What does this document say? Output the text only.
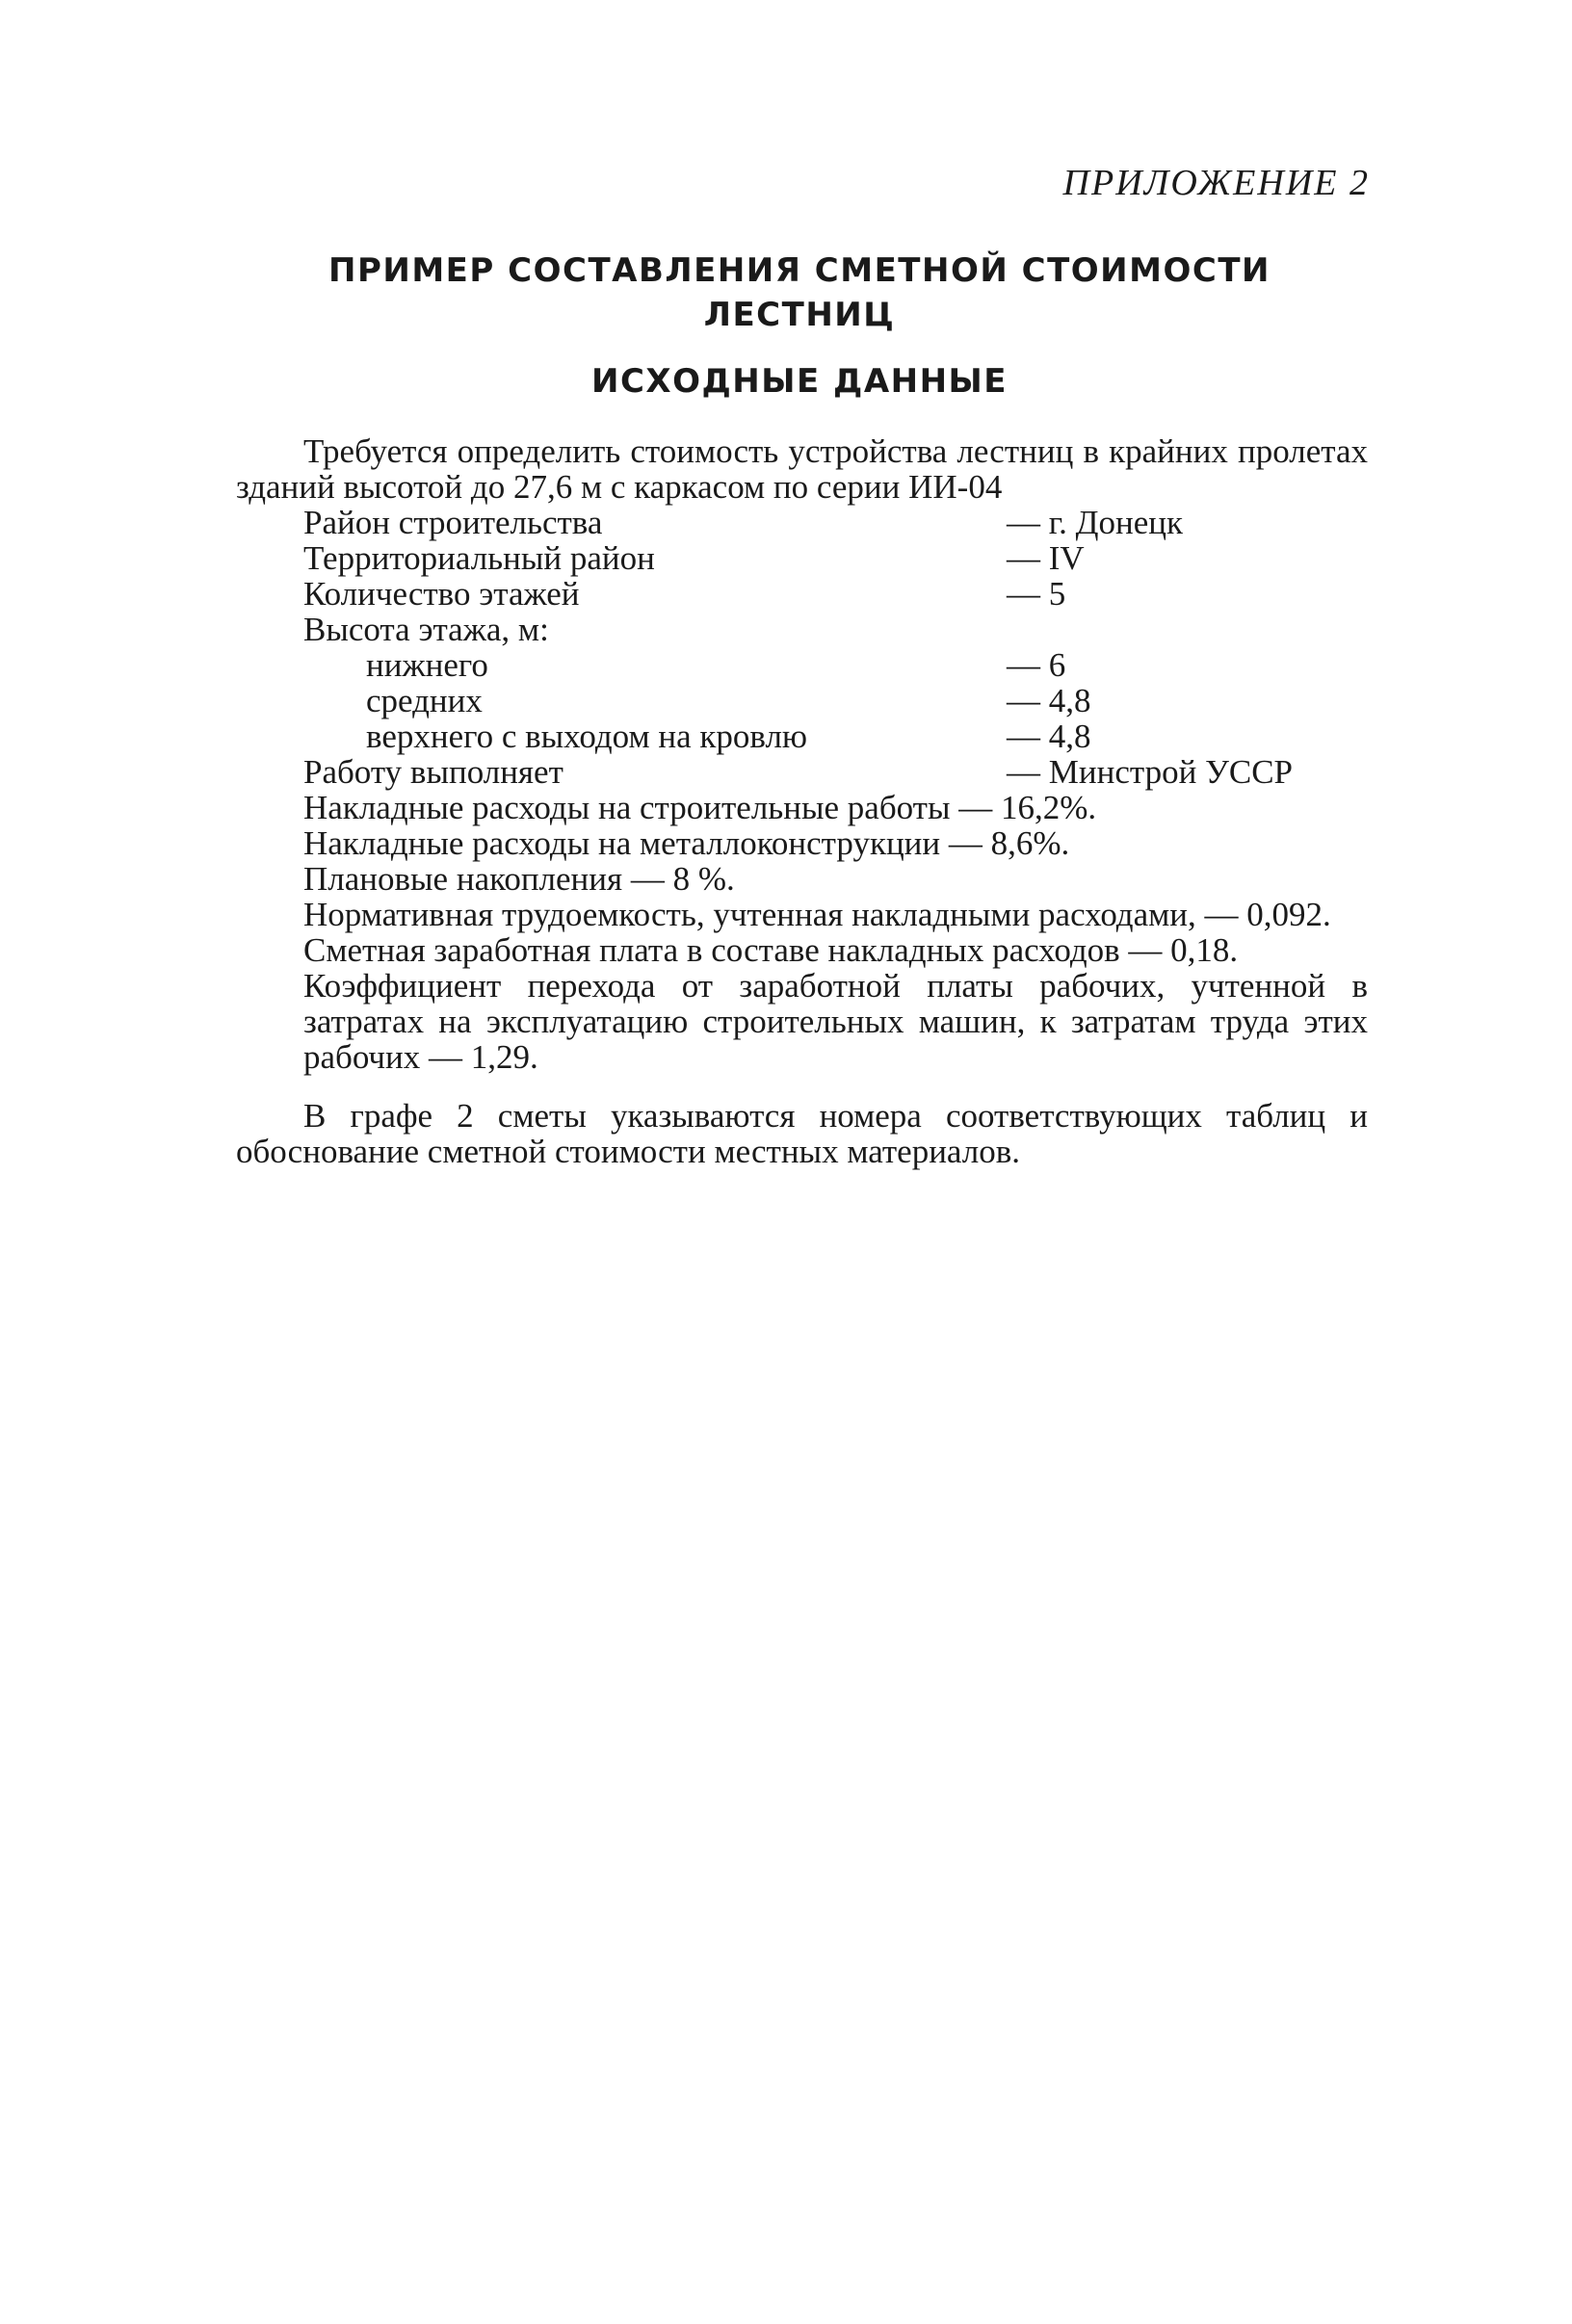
ПРИЛОЖЕНИЕ 2
ПРИМЕР СОСТАВЛЕНИЯ СМЕТНОЙ СТОИМОСТИ
ЛЕСТНИЦ
ИСХОДНЫЕ ДАННЫЕ
Требуется определить стоимость устройства лестниц в крайних пролетах зданий высотой до 27,6 м с каркасом по серии ИИ-04
Район строительства	— г. Донецк
Территориальный район	— IV
Количество этажей	— 5
Высота этажа, м:
нижнего	— 6
средних	— 4,8
верхнего с выходом на кровлю	— 4,8
Работу выполняет	— Минстрой УССР
Накладные расходы на строительные работы — 16,2%.
Накладные расходы на металлоконструкции — 8,6%.
Плановые накопления — 8 %.
Нормативная трудоемкость, учтенная накладными расходами, — 0,092.
Сметная заработная плата в составе накладных расходов — 0,18.
Коэффициент перехода от заработной платы рабочих, учтенной в затратах на эксплуатацию строительных машин, к затратам труда этих рабочих — 1,29.
В графе 2 сметы указываются номера соответствующих таблиц и обоснование сметной стоимости местных материалов.
